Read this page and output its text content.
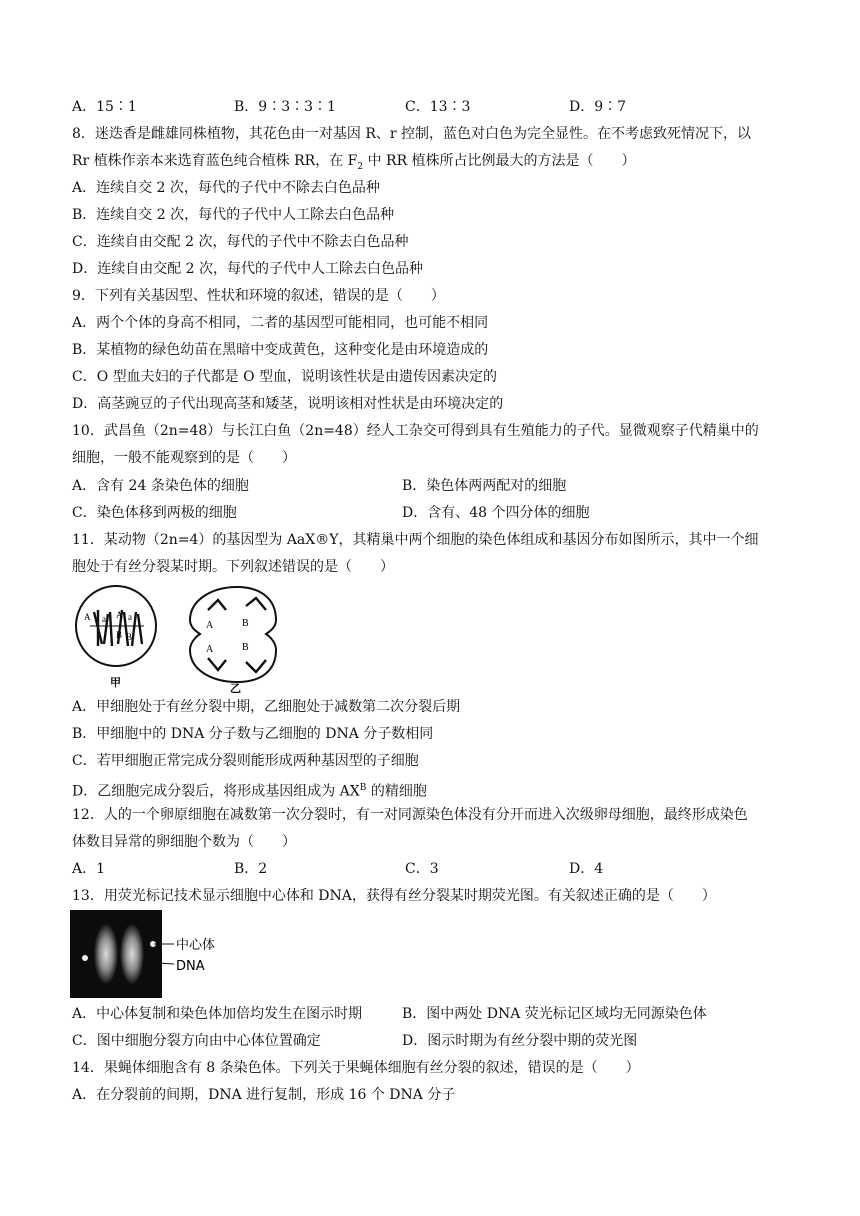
A．15∶1	B．9∶3∶3∶1	C．13∶3	D．9∶7
8．迷迭香是雌雄同株植物，其花色由一对基因 R、r 控制，蓝色对白色为完全显性。在不考虑致死情况下，以
Rr 植株作亲本来选育蓝色纯合植株 RR，在 $F_2$ 中 RR 植株所占比例最大的方法是（　　）
A．连续自交 2 次，每代的子代中不除去白色品种
B．连续自交 2 次，每代的子代中人工除去白色品种
C．连续自由交配 2 次，每代的子代中不除去白色品种
D．连续自由交配 2 次，每代的子代中人工除去白色品种
9．下列有关基因型、性状和环境的叙述，错误的是（　　）
A．两个个体的身高不相同，二者的基因型可能相同，也可能不相同
B．某植物的绿色幼苗在黑暗中变成黄色，这种变化是由环境造成的
C．O 型血夫妇的子代都是 O 型血，说明该性状是由遗传因素决定的
D．高茎豌豆的子代出现高茎和矮茎，说明该相对性状是由环境决定的
10．武昌鱼（2n=48）与长江白鱼（2n=48）经人工杂交可得到具有生殖能力的子代。显微观察子代精巢中的
细胞，一般不能观察到的是（　　）
A．含有 24 条染色体的细胞	B．染色体两两配对的细胞
C．染色体移到两极的细胞	D．含有、48 个四分体的细胞
11．某动物（2n=4）的基因型为 AaX®Y，其精巢中两个细胞的染色体组成和基因分布如图所示，其中一个细
胞处于有丝分裂某时期。下列叙述错误的是（　　）
A a A a
B B
甲
A	B
A	B
乙
A．甲细胞处于有丝分裂中期，乙细胞处于减数第二次分裂后期
B．甲细胞中的 DNA 分子数与乙细胞的 DNA 分子数相同
C．若甲细胞正常完成分裂则能形成两种基因型的子细胞
D．乙细胞完成分裂后，将形成基因组成为 $AX^B$ 的精细胞
12．人的一个卵原细胞在减数第一次分裂时，有一对同源染色体没有分开而进入次级卵母细胞，最终形成染色
体数目异常的卵细胞个数为（　　）
A．1	B．2	C．3	D．4
13．用荧光标记技术显示细胞中心体和 DNA，获得有丝分裂某时期荧光图。有关叙述正确的是（　　）
中心体
DNA
A．中心体复制和染色体加倍均发生在图示时期	B．图中两处 DNA 荧光标记区域均无同源染色体
C．图中细胞分裂方向由中心体位置确定	D．图示时期为有丝分裂中期的荧光图
14．果蝇体细胞含有 8 条染色体。下列关于果蝇体细胞有丝分裂的叙述，错误的是（　　）
A．在分裂前的间期，DNA 进行复制，形成 16 个 DNA 分子
